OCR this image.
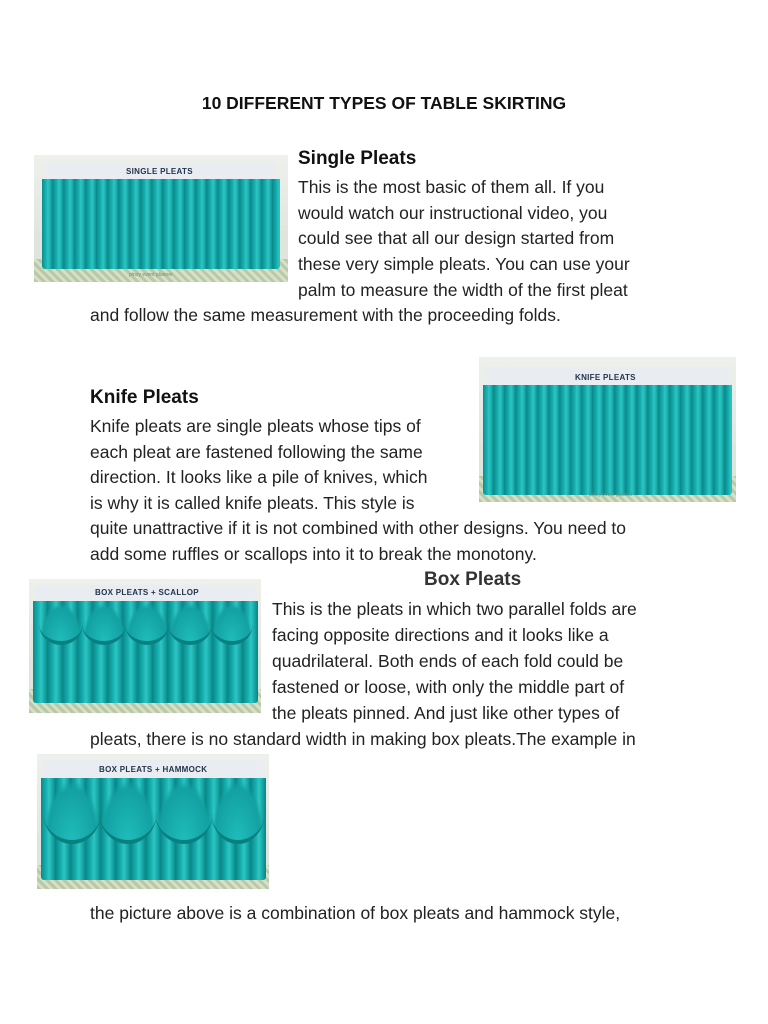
10 DIFFERENT TYPES OF TABLE SKIRTING
SINGLE PLEATS
pinoy event planner
Single Pleats
This is the most basic of them all. If you
would watch our instructional video, you
could see that all our design started from
these very simple pleats. You can use your
palm to measure the width of the first pleat
and follow the same measurement with the proceeding folds.
KNIFE PLEATS
pinoy event planner
Knife Pleats
Knife pleats are single pleats whose tips of
each pleat are fastened following the same
direction. It looks like a pile of knives, which
is why it is called knife pleats. This style is
quite unattractive if it is not combined with other designs. You need to
add some ruffles or scallops into it to break the monotony.
BOX PLEATS + SCALLOP
Box Pleats
This is the pleats in which two parallel folds are
facing opposite directions and it looks like a
quadrilateral. Both ends of each fold could be
fastened or loose, with only the middle part of
the pleats pinned. And just like other types of
pleats, there is no standard width in making box pleats.The example in
BOX PLEATS + HAMMOCK
the picture above is a combination of box pleats and hammock style,
